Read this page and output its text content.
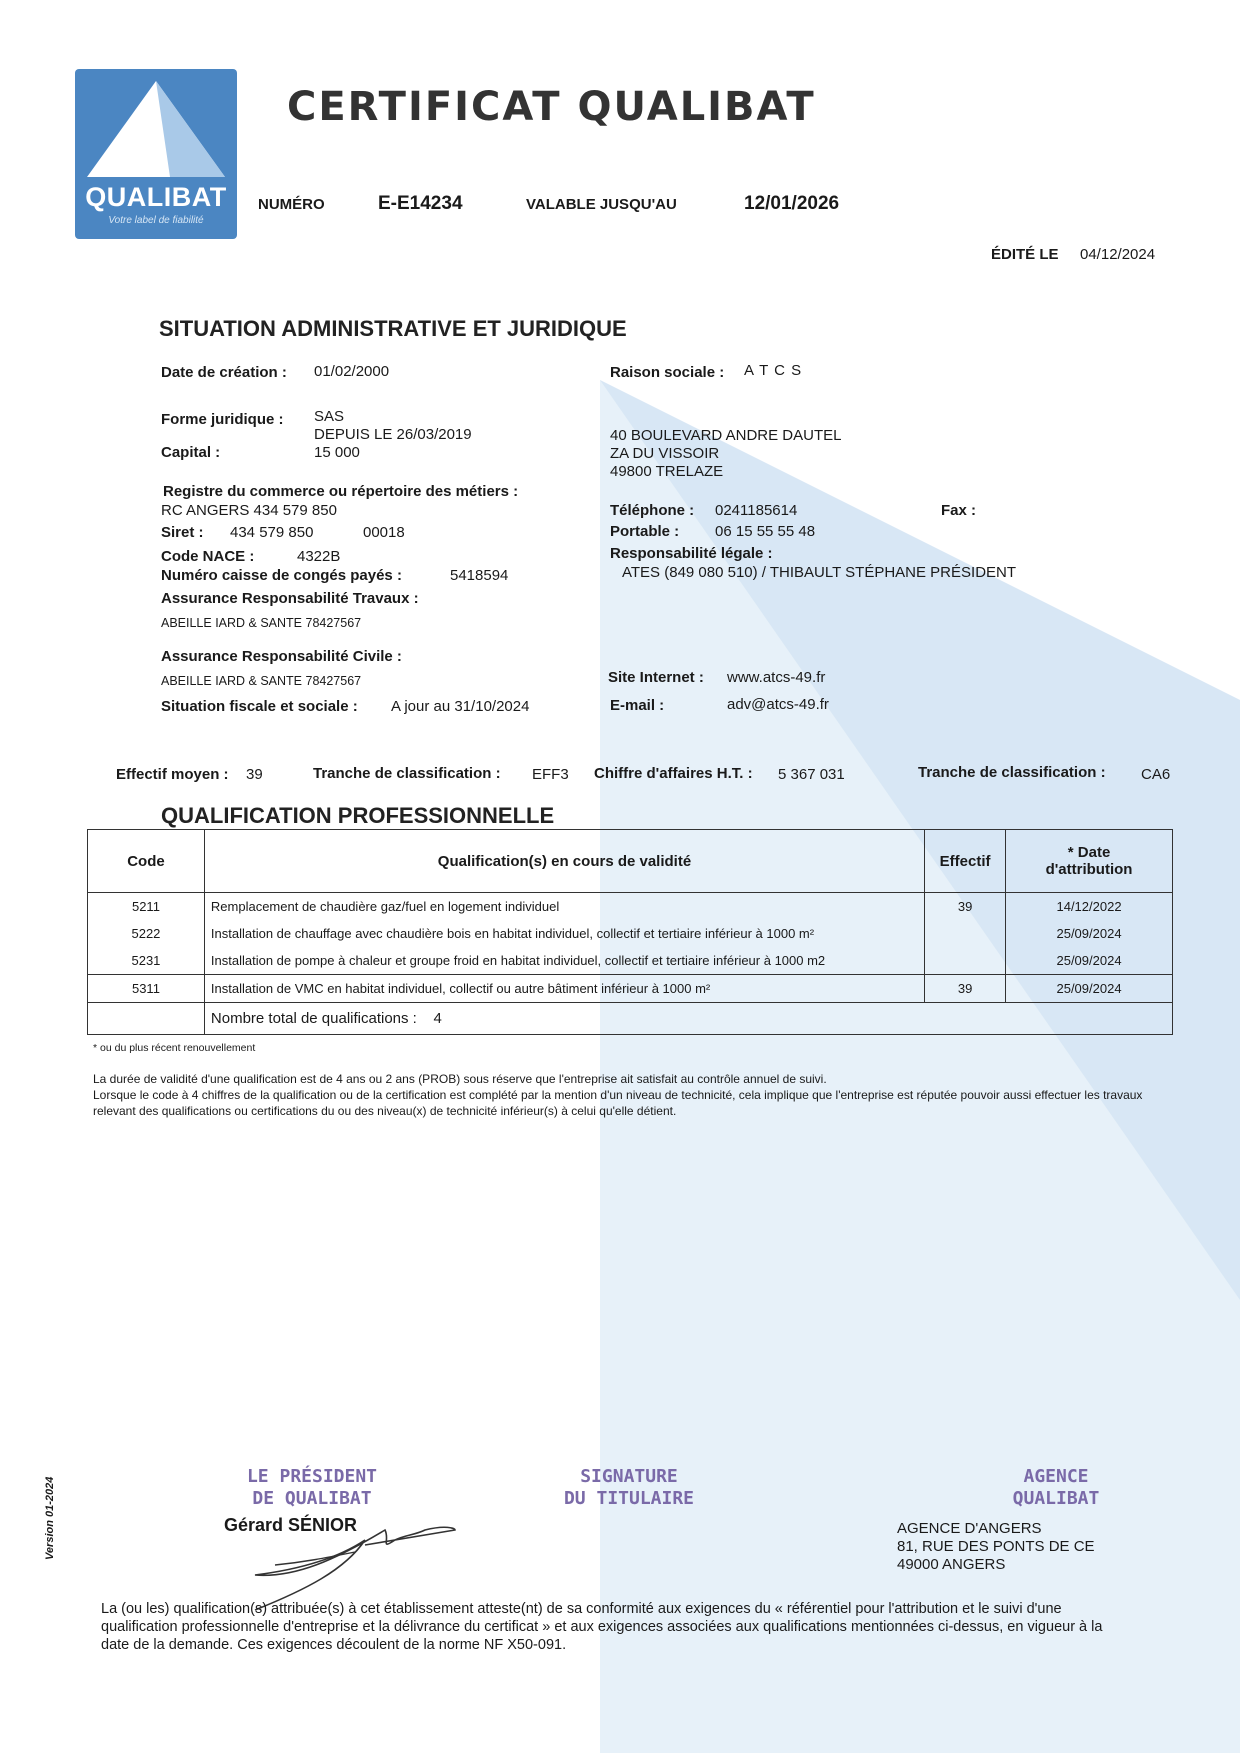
QUALIBAT
Votre label de fiabilité
CERTIFICAT QUALIBAT
NUMÉRO	E-E14234	VALABLE JUSQU'AU	12/01/2026
ÉDITÉ LE 04/12/2024
SITUATION ADMINISTRATIVE ET JURIDIQUE
Date de création : 01/02/2000
Forme juridique : SAS
DEPUIS LE 26/03/2019
Capital :	15 000
Registre du commerce ou répertoire des métiers :
RC ANGERS 434 579 850
Siret : 434 579 850	00018
Code NACE :	4322B
Numéro caisse de congés payés :	5418594
Assurance Responsabilité Travaux :
ABEILLE IARD & SANTE 78427567
Assurance Responsabilité Civile :
ABEILLE IARD & SANTE 78427567
Situation fiscale et sociale : A jour au 31/10/2024
Raison sociale : A T C S
40 BOULEVARD ANDRE DAUTEL
ZA DU VISSOIR
49800 TRELAZE
Téléphone : 0241185614	Fax :
Portable : 06 15 55 55 48
Responsabilité légale :
ATES (849 080 510) / THIBAULT STÉPHANE PRÉSIDENT
Site Internet : www.atcs-49.fr
E-mail :	adv@atcs-49.fr
Effectif moyen : 39	Tranche de classification : EFF3 Chiffre d'affaires H.T. : 5 367 031	Tranche de classification : CA6
QUALIFICATION PROFESSIONNELLE
Code	Qualification(s) en cours de validité	Effectif	* Date
d'attribution
5211	Remplacement de chaudière gaz/fuel en logement individuel	39	14/12/2022
5222	Installation de chauffage avec chaudière bois en habitat individuel, collectif et tertiaire inférieur à 1000 m²		25/09/2024
5231	Installation de pompe à chaleur et groupe froid en habitat individuel, collectif et tertiaire inférieur à 1000 m2		25/09/2024
5311	Installation de VMC en habitat individuel, collectif ou autre bâtiment inférieur à 1000 m²	39	25/09/2024
	Nombre total de qualifications : 4		
* ou du plus récent renouvellement
La durée de validité d'une qualification est de 4 ans ou 2 ans (PROB) sous réserve que l'entreprise ait satisfait au contrôle annuel de suivi.
Lorsque le code à 4 chiffres de la qualification ou de la certification est complété par la mention d'un niveau de technicité, cela implique que l'entreprise est réputée pouvoir aussi effectuer les travaux relevant des qualifications ou certifications du ou des niveau(x) de technicité inférieur(s) à celui qu'elle détient.
LE PRÉSIDENT
DE QUALIBAT
Gérard SÉNIOR
SIGNATURE
DU TITULAIRE
AGENCE
QUALIBAT
AGENCE D'ANGERS
81, RUE DES PONTS DE CE
49000 ANGERS
Version 01-2024
La (ou les) qualification(s) attribuée(s) à cet établissement atteste(nt) de sa conformité aux exigences du « référentiel pour l'attribution et le suivi d'une qualification professionnelle d'entreprise et la délivrance du certificat » et aux exigences associées aux qualifications mentionnées ci-dessus, en vigueur à la date de la demande. Ces exigences découlent de la norme NF X50-091.
